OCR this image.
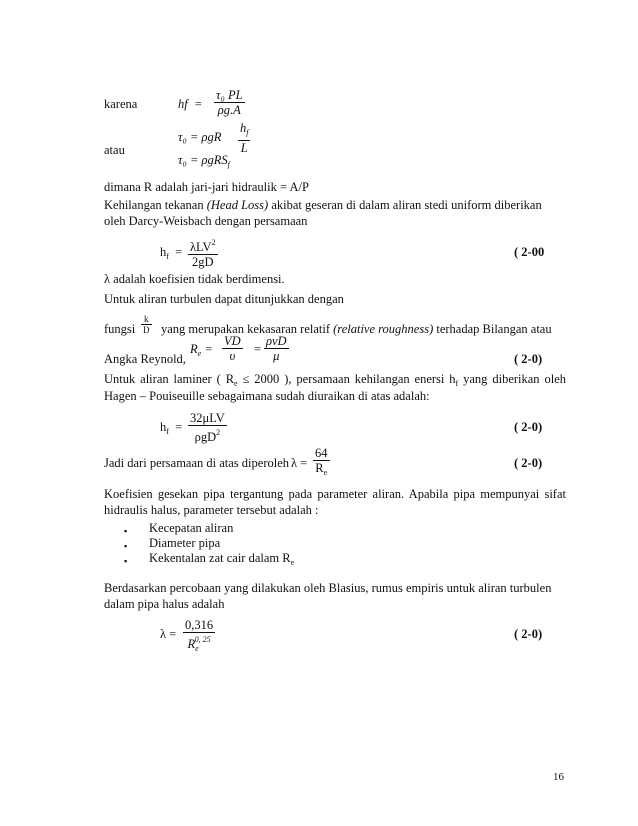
karena	hf  = $\frac{\text{τ₀ PL}}{\rho g.A}$
τ₀ = ρgR $\frac{h_f}{L}$
atau
τ₀ = ρgRS$_f$
dimana R adalah jari-jari hidraulik = A/P
Kehilangan tekanan (Head Loss) akibat geseran di dalam aliran stedi uniform diberikan
oleh Darcy-Weisbach dengan persamaan
$h_f = \lambda LV^2$
2gD
( 2-00
λ adalah koefisien tidak berdimensi.
Untuk aliran turbulen dapat ditunjukkan dengan
fungsi $\frac{k}{D}$ yang merupakan kekasaran relatif (relative roughness) terhadap Bilangan atau
$R_e = \frac{VD}{\upsilon}$ =
ρvD
μ
Angka Reynold,	( 2-0)
Untuk aliran laminer ( $R_e \le 2000$ ), persamaan kehilangan enersi $h_f$ yang diberikan oleh
Hagen – Pouiseuille sebagaimana sudah diuraikan di atas adalah:
$h_f$  =
32μLV
ρgD$^2$	( 2-0)
Jadi dari persamaan di atas diperoleh $\lambda = \frac{64}{R_e}$	( 2-0)
Koefisien gesekan pipa tergantung pada parameter aliran. Apabila pipa mempunyai sifat
hidraulis halus, parameter tersebut adalah :
▪ Kecepatan aliran
▪ Diameter pipa
▪ Kekentalan zat cair dalam $R_e$
Berdasarkan percobaan yang dilakukan oleh Blasius, rumus empiris untuk aliran turbulen
dalam pipa halus adalah
$\lambda = \frac{0,316}{R_e^{0, 25}}$	( 2-0)
16
